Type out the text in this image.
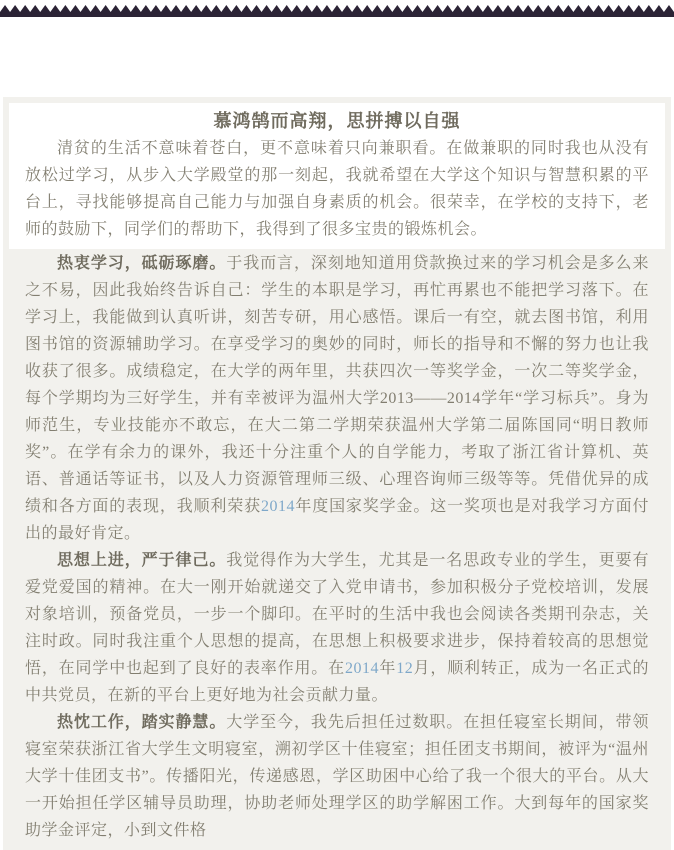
慕鸿鹄而高翔，思拼搏以自强

清贫的生活不意味着苍白，更不意味着只向兼职看。在做兼职的同时我也从没有放松过学习，从步入大学殿堂的那一刻起，我就希望在大学这个知识与智慧积累的平台上，寻找能够提高自己能力与加强自身素质的机会。很荣幸，在学校的支持下，老师的鼓励下，同学们的帮助下，我得到了很多宝贵的锻炼机会。

热衷学习，砥砺琢磨。于我而言，深刻地知道用贷款换过来的学习机会是多么来之不易，因此我始终告诉自己：学生的本职是学习，再忙再累也不能把学习落下。在学习上，我能做到认真听讲，刻苦专研，用心感悟。课后一有空，就去图书馆，利用图书馆的资源辅助学习。在享受学习的奥妙的同时，师长的指导和不懈的努力也让我收获了很多。成绩稳定，在大学的两年里，共获四次一等奖学金，一次二等奖学金，每个学期均为三好学生，并有幸被评为温州大学2013——2014学年“学习标兵”。身为师范生，专业技能亦不敢忘，在大二第二学期荣获温州大学第二届陈国同“明日教师奖”。在学有余力的课外，我还十分注重个人的自学能力，考取了浙江省计算机、英语、普通话等证书，以及人力资源管理师三级、心理咨询师三级等等。凭借优异的成绩和各方面的表现，我顺利荣获2014年度国家奖学金。这一奖项也是对我学习方面付出的最好肯定。

思想上进，严于律己。我觉得作为大学生，尤其是一名思政专业的学生，更要有爱党爱国的精神。在大一刚开始就递交了入党申请书，参加积极分子党校培训，发展对象培训，预备党员，一步一个脚印。在平时的生活中我也会阅读各类期刊杂志，关注时政。同时我注重个人思想的提高，在思想上积极要求进步，保持着较高的思想觉悟，在同学中也起到了良好的表率作用。在2014年12月，顺利转正，成为一名正式的中共党员，在新的平台上更好地为社会贡献力量。

热忱工作，踏实静慧。大学至今，我先后担任过数职。在担任寝室长期间，带领寝室荣获浙江省大学生文明寝室，溯初学区十佳寝室；担任团支书期间，被评为“温州大学十佳团支书”。传播阳光，传递感恩，学区助困中心给了我一个很大的平台。从大一开始担任学区辅导员助理，协助老师处理学区的助学解困工作。大到每年的国家奖助学金评定，小到文件格
